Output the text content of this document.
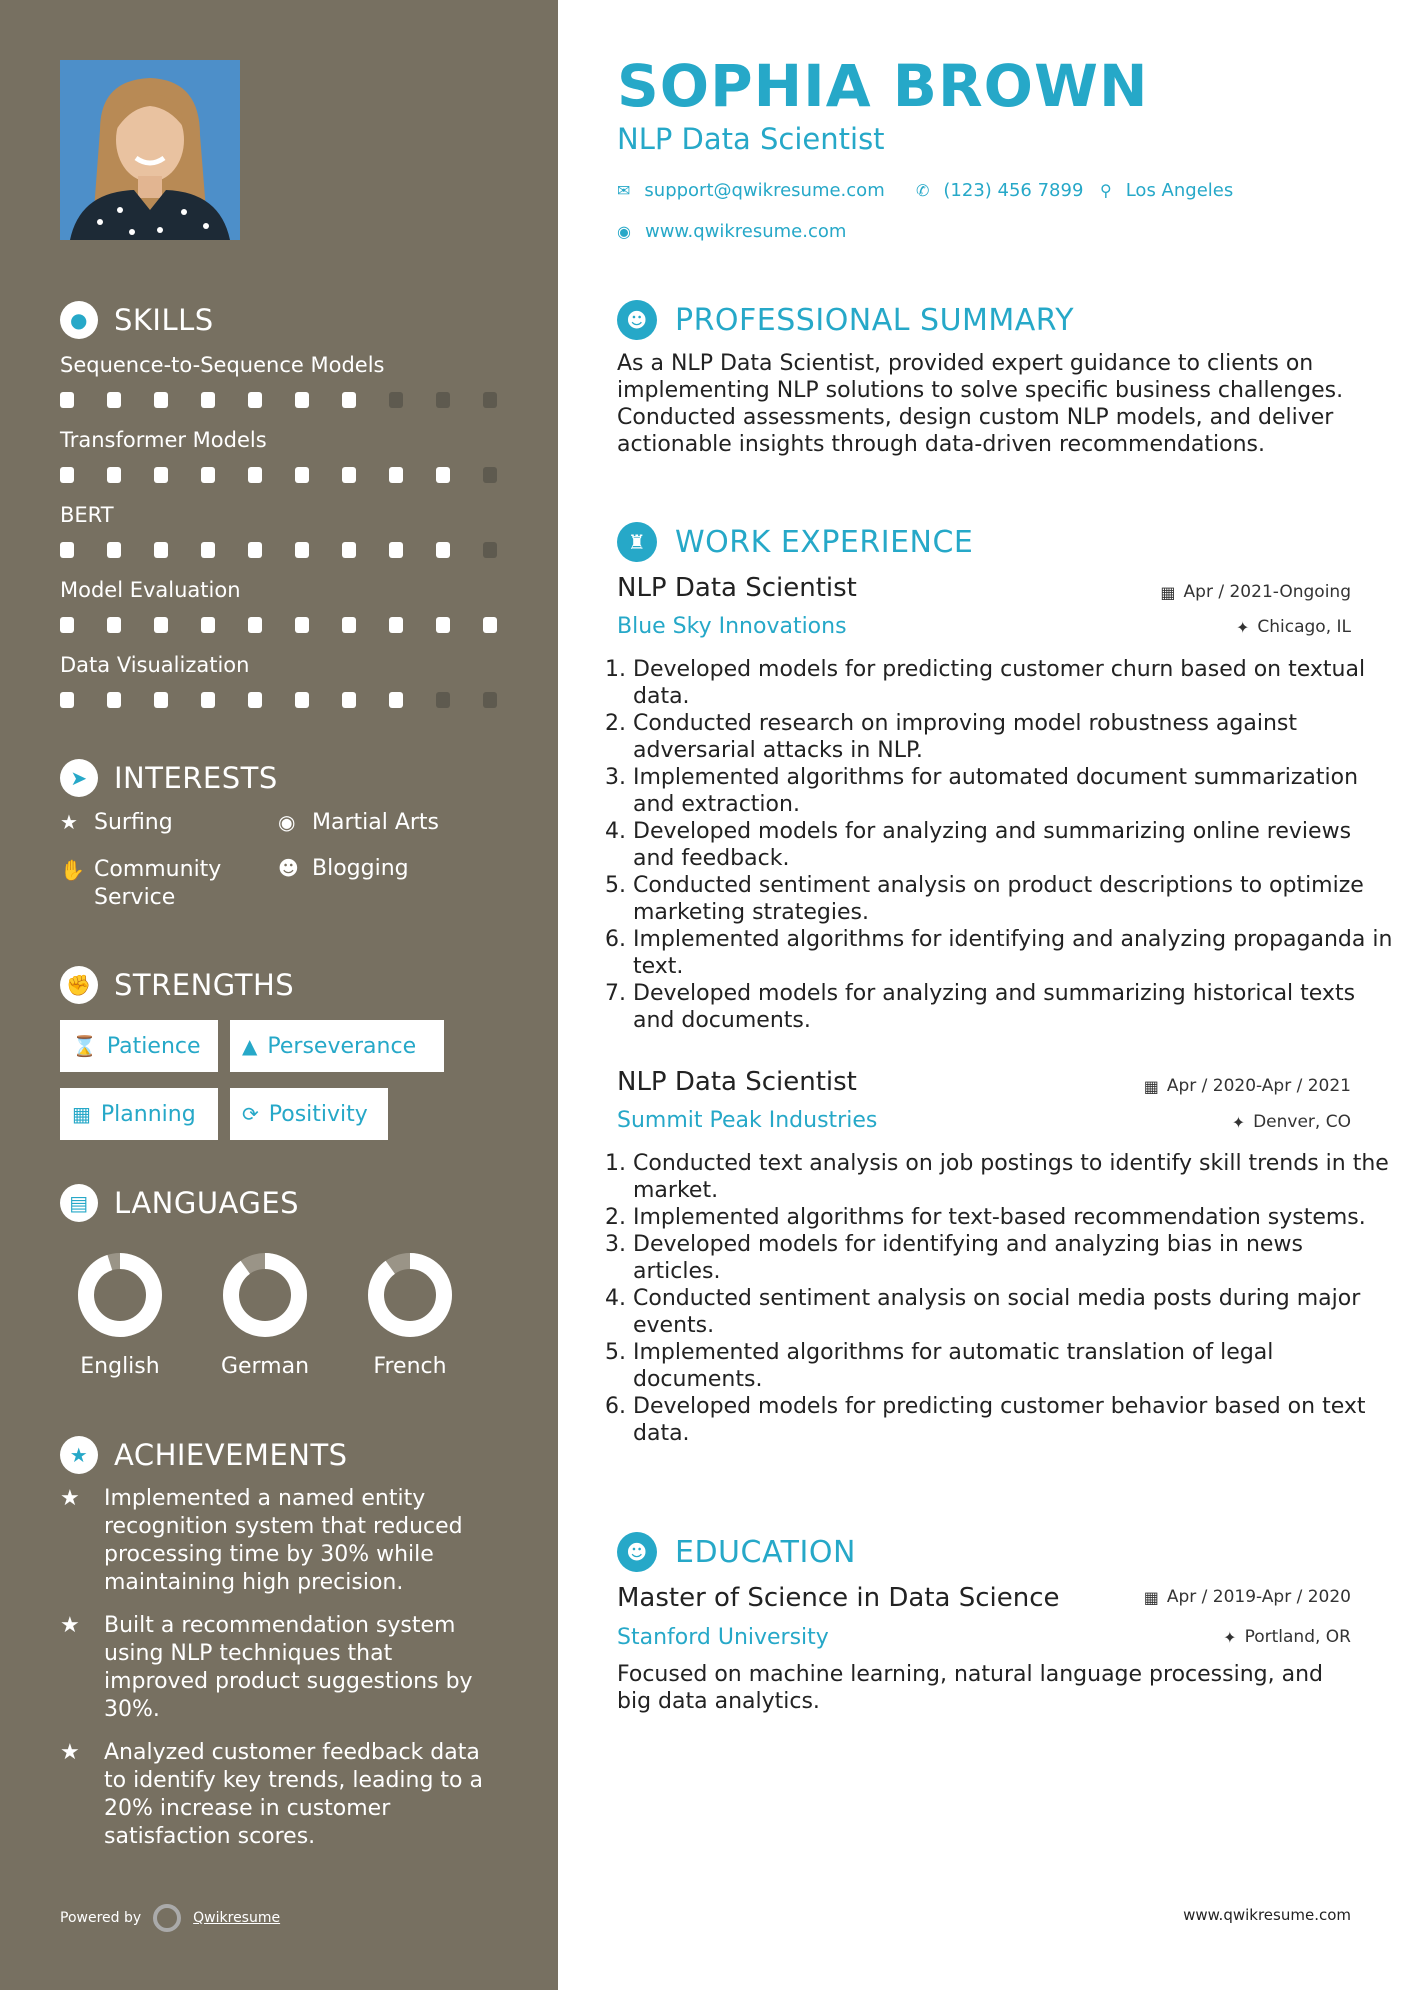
● SKILLS
Sequence-to-Sequence Models
Transformer Models
BERT
Model Evaluation
Data Visualization
➤ INTERESTS
★ Surfing	◉ Martial Arts
✋ Community Service
☻ Blogging
✊ STRENGTHS
⌛ Patience ▲ Perseverance
▦ Planning ⟳ Positivity
▤ LANGUAGES
English	German	French
★ ACHIEVEMENTS
★	Implemented a named entity recognition system that reduced processing time by 30% while maintaining high precision.
★	Built a recommendation system using NLP techniques that improved product suggestions by 30%.
★	Analyzed customer feedback data to identify key trends, leading to a 20% increase in customer satisfaction scores.
Powered by	Qwikresume
SOPHIA BROWN
NLP Data Scientist
✉ support@qwikresume.com ✆ (123) 456 7899 ⚲ Los Angeles
◉ www.qwikresume.com
☻ PROFESSIONAL SUMMARY
As a NLP Data Scientist, provided expert guidance to clients on implementing NLP solutions to solve specific business challenges. Conducted assessments, design custom NLP models, and deliver actionable insights through data-driven recommendations.
♜ WORK EXPERIENCE
NLP Data Scientist	▦ Apr / 2021-Ongoing
Blue Sky Innovations	✦ Chicago, IL
1. Developed models for predicting customer churn based on textual data.
2. Conducted research on improving model robustness against adversarial attacks in NLP.
3. Implemented algorithms for automated document summarization and extraction.
4. Developed models for analyzing and summarizing online reviews and feedback.
5. Conducted sentiment analysis on product descriptions to optimize marketing strategies.
6. Implemented algorithms for identifying and analyzing propaganda in text.
7. Developed models for analyzing and summarizing historical texts and documents.
NLP Data Scientist	▦ Apr / 2020-Apr / 2021
Summit Peak Industries	✦ Denver, CO
1. Conducted text analysis on job postings to identify skill trends in the market.
2. Implemented algorithms for text-based recommendation systems.
3. Developed models for identifying and analyzing bias in news articles.
4. Conducted sentiment analysis on social media posts during major events.
5. Implemented algorithms for automatic translation of legal documents.
6. Developed models for predicting customer behavior based on text data.
☻ EDUCATION
Master of Science in Data Science	▦ Apr / 2019-Apr / 2020
Stanford University	✦ Portland, OR
Focused on machine learning, natural language processing, and big data analytics.
www.qwikresume.com
